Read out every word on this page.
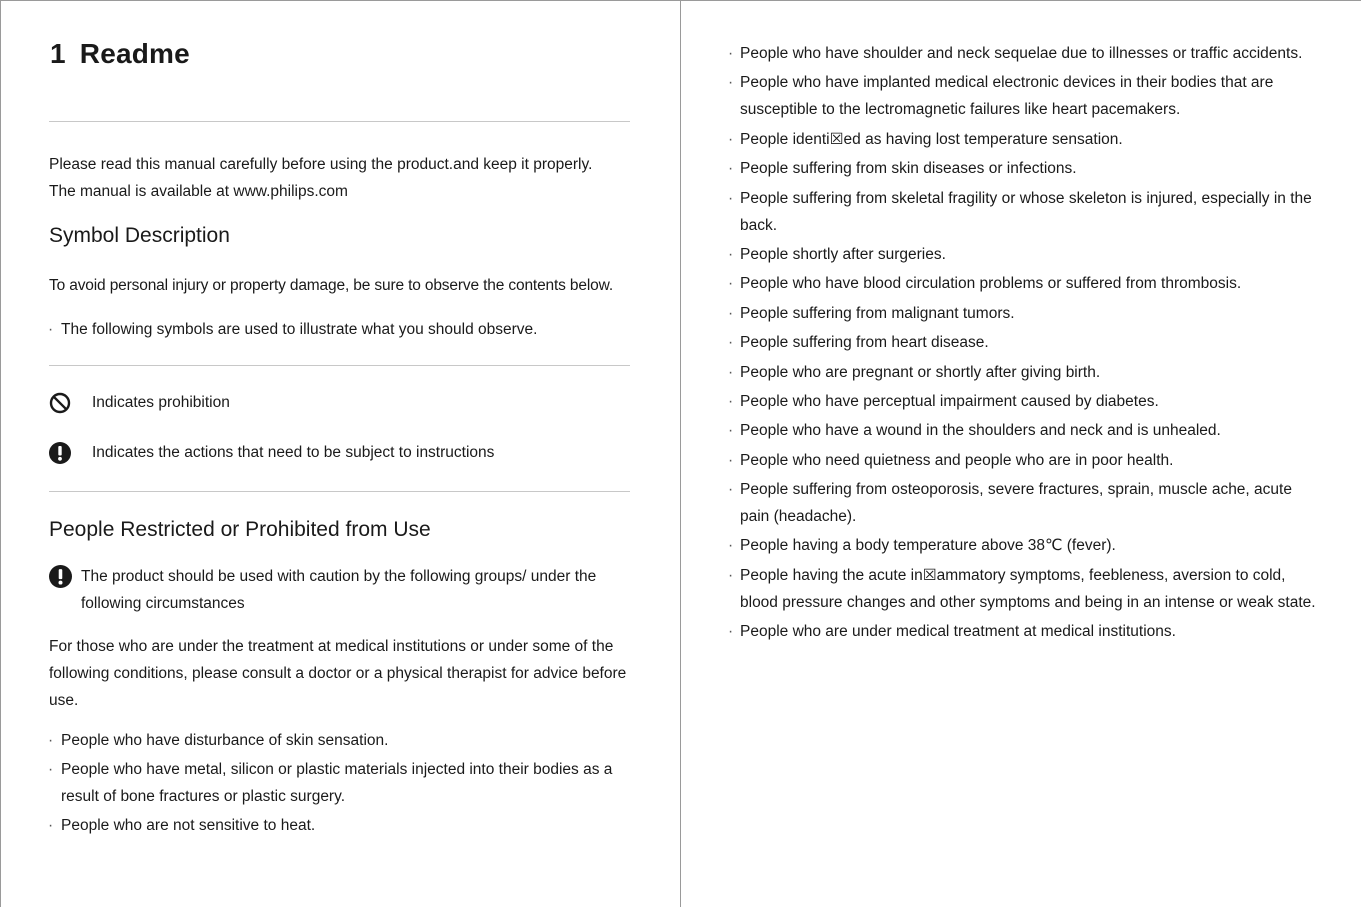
1 Readme

Please read this manual carefully before using the product.and keep it properly. The manual is available at www.philips.com

Symbol Description

To avoid personal injury or property damage, be sure to observe the contents below.

· The following symbols are used to illustrate what you should observe.
Indicates prohibition
Indicates the actions that need to be subject to instructions
People Restricted or Prohibited from Use
The product should be used with caution by the following groups/ under the following circumstances

For those who are under the treatment at medical institutions or under some of the following conditions, please consult a doctor or a physical therapist for advice before use.

· People who have disturbance of skin sensation.
· People who have metal, silicon or plastic materials injected into their bodies as a result of bone fractures or plastic surgery.
· People who are not sensitive to heat.
· People who have shoulder and neck sequelae due to illnesses or traffic accidents.
· People who have implanted medical electronic devices in their bodies that are susceptible to the lectromagnetic failures like heart pacemakers.
· People identi☒ed as having lost temperature sensation.
· People suffering from skin diseases or infections.
· People suffering from skeletal fragility or whose skeleton is injured, especially in the back.
· People shortly after surgeries.
· People who have blood circulation problems or suffered from thrombosis.
· People suffering from malignant tumors.
· People suffering from heart disease.
· People who are pregnant or shortly after giving birth.
· People who have perceptual impairment caused by diabetes.
· People who have a wound in the shoulders and neck and is unhealed.
· People who need quietness and people who are in poor health.
· People suffering from osteoporosis, severe fractures, sprain, muscle ache, acute pain (headache).
· People having a body temperature above 38℃ (fever).
· People having the acute in☒ammatory symptoms, feebleness, aversion to cold, blood pressure changes and other symptoms and being in an intense or weak state.
· People who are under medical treatment at medical institutions.
